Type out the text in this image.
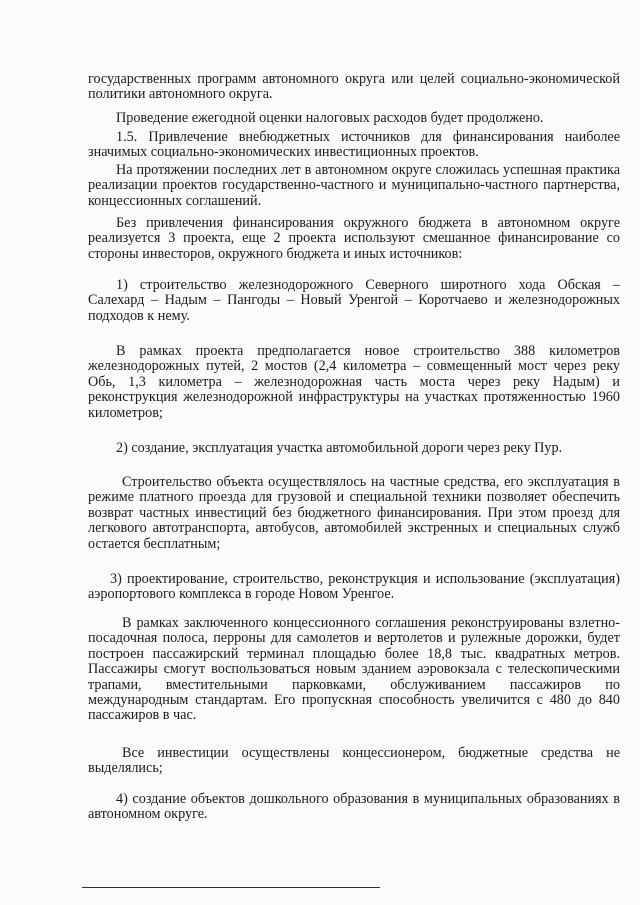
государственных программ автономного округа или целей социально-экономической политики автономного округа.

Проведение ежегодной оценки налоговых расходов будет продолжено.

1.5. Привлечение внебюджетных источников для финансирования наиболее значимых социально-экономических инвестиционных проектов.

На протяжении последних лет в автономном округе сложилась успешная практика реализации проектов государственно-частного и муниципально-частного партнерства, концессионных соглашений.

Без привлечения финансирования окружного бюджета в автономном округе реализуется 3 проекта, еще 2 проекта используют смешанное финансирование со стороны инвесторов, окружного бюджета и иных источников:

1) строительство железнодорожного Северного широтного хода Обская – Салехард – Надым – Пангоды – Новый Уренгой – Коротчаево и железнодорожных подходов к нему.

В рамках проекта предполагается новое строительство 388 километров железнодорожных путей, 2 мостов (2,4 километра – совмещенный мост через реку Обь, 1,3 километра – железнодорожная часть моста через реку Надым) и реконструкция железнодорожной инфраструктуры на участках протяженностью 1960 километров;

2) создание, эксплуатация участка автомобильной дороги через реку Пур.

Строительство объекта осуществлялось на частные средства, его эксплуатация в режиме платного проезда для грузовой и специальной техники позволяет обеспечить возврат частных инвестиций без бюджетного финансирования. При этом проезд для легкового автотранспорта, автобусов, автомобилей экстренных и специальных служб остается бесплатным;

3) проектирование, строительство, реконструкция и использование (эксплуатация) аэропортового комплекса в городе Новом Уренгое.

В рамках заключенного концессионного соглашения реконструированы взлетно-посадочная полоса, перроны для самолетов и вертолетов и рулежные дорожки, будет построен пассажирский терминал площадью более 18,8 тыс. квадратных метров. Пассажиры смогут воспользоваться новым зданием аэровокзала с телескопическими трапами, вместительными парковками, обслуживанием пассажиров по международным стандартам. Его пропускная способность увеличится с 480 до 840 пассажиров в час.

Все инвестиции осуществлены концессионером, бюджетные средства не выделялись;

4) создание объектов дошкольного образования в муниципальных образованиях в автономном округе.
